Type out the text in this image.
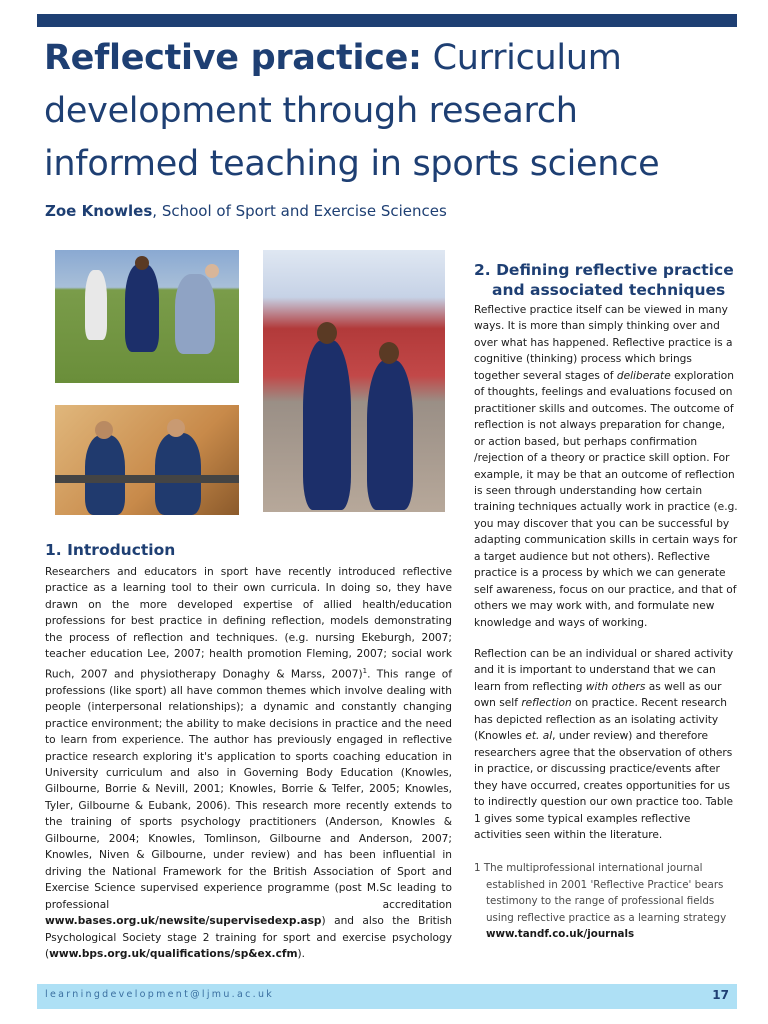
Reflective practice: Curriculum development through research informed teaching in sports science
Zoe Knowles, School of Sport and Exercise Sciences
1. Introduction

Researchers and educators in sport have recently introduced reflective practice as a learning tool to their own curricula. In doing so, they have drawn on the more developed expertise of allied health/education professions for best practice in defining reflection, models demonstrating the process of reflection and techniques. (e.g. nursing Ekeburgh, 2007; teacher education Lee, 2007; health promotion Fleming, 2007; social work Ruch, 2007 and physiotherapy Donaghy & Marss, 2007)$^1$. This range of professions (like sport) all have common themes which involve dealing with people (interpersonal relationships); a dynamic and constantly changing practice environment; the ability to make decisions in practice and the need to learn from experience. The author has previously engaged in reflective practice research exploring it's application to sports coaching education in University curriculum and also in Governing Body Education (Knowles, Gilbourne, Borrie & Nevill, 2001; Knowles, Borrie & Telfer, 2005; Knowles, Tyler, Gilbourne & Eubank, 2006). This research more recently extends to the training of sports psychology practitioners (Anderson, Knowles & Gilbourne, 2004; Knowles, Tomlinson, Gilbourne and Anderson, 2007; Knowles, Niven & Gilbourne, under review) and has been influential in driving the National Framework for the British Association of Sport and Exercise Science supervised experience programme (post M.Sc leading to professional accreditation www.bases.org.uk/newsite/supervisedexp.asp) and also the British Psychological Society stage 2 training for sport and exercise psychology (www.bps.org.uk/qualifications/sp&ex.cfm).

2. Defining reflective practice
and associated techniques

Reflective practice itself can be viewed in many ways. It is more than simply thinking over and over what has happened. Reflective practice is a cognitive (thinking) process which brings together several stages of deliberate exploration of thoughts, feelings and evaluations focused on practitioner skills and outcomes. The outcome of reflection is not always preparation for change, or action based, but perhaps confirmation /rejection of a theory or practice skill option. For example, it may be that an outcome of reflection is seen through understanding how certain training techniques actually work in practice (e.g. you may discover that you can be successful by adapting communication skills in certain ways for a target audience but not others). Reflective practice is a process by which we can generate self awareness, focus on our practice, and that of others we may work with, and formulate new knowledge and ways of working.

Reflection can be an individual or shared activity and it is important to understand that we can learn from reflecting with others as well as our own self reflection on practice. Recent research has depicted reflection as an isolating activity (Knowles et. al, under review) and therefore researchers agree that the observation of others in practice, or discussing practice/events after they have occurred, creates opportunities for us to indirectly question our own practice too. Table 1 gives some typical examples reflective activities seen within the literature.

1 The multiprofessional international journal
established in 2001 'Reflective Practice' bears testimony to the range of professional fields using reflective practice as a learning strategy
www.tandf.co.uk/journals

learningdevelopment@ljmu.ac.uk	17
